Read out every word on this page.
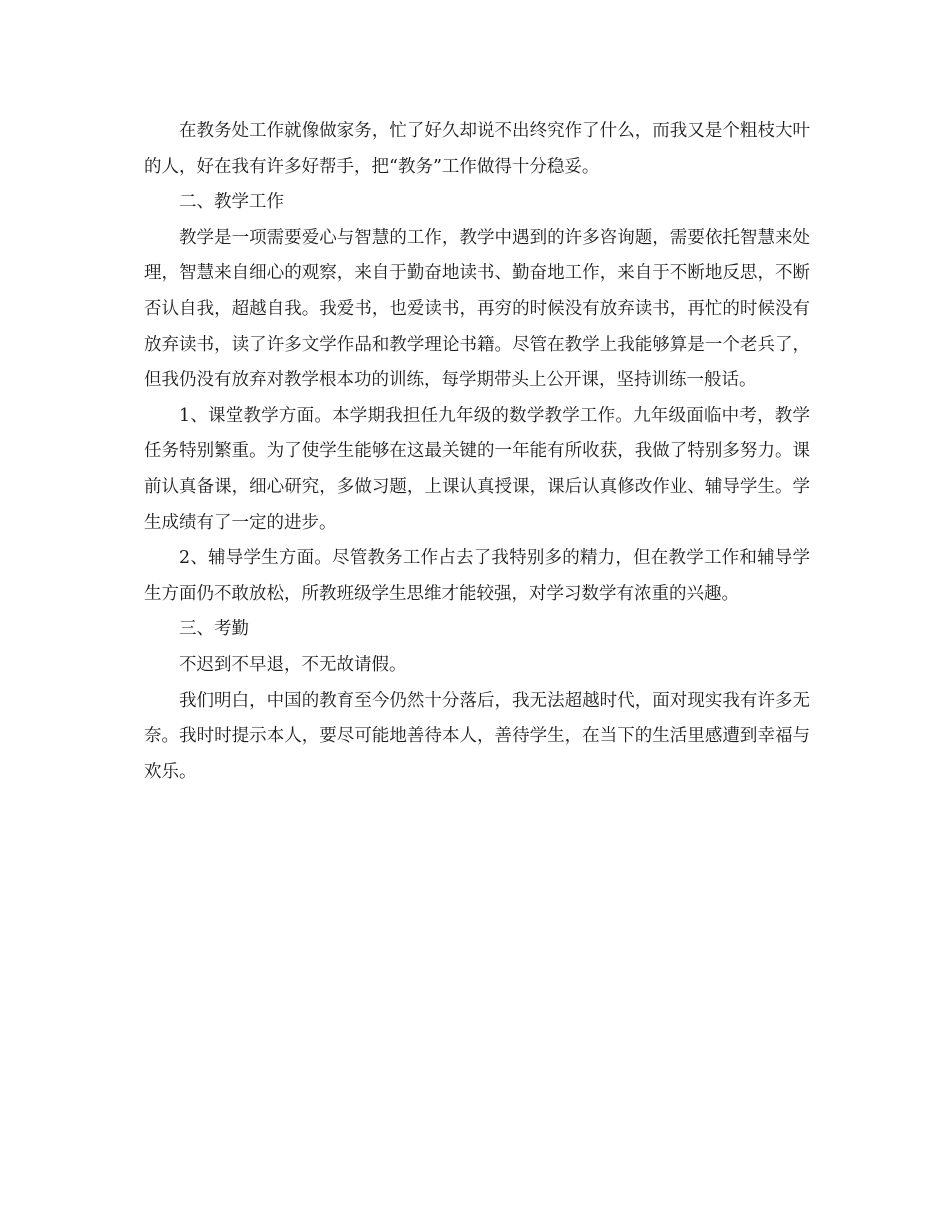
在教务处工作就像做家务，忙了好久却说不出终究作了什么，而我又是个粗枝大叶的人，好在我有许多好帮手，把“教务”工作做得十分稳妥。

二、教学工作

教学是一项需要爱心与智慧的工作，教学中遇到的许多咨询题，需要依托智慧来处理，智慧来自细心的观察，来自于勤奋地读书、勤奋地工作，来自于不断地反思，不断否认自我，超越自我。我爱书，也爱读书，再穷的时候没有放弃读书，再忙的时候没有放弃读书，读了许多文学作品和教学理论书籍。尽管在教学上我能够算是一个老兵了，但我仍没有放弃对教学根本功的训练，每学期带头上公开课，坚持训练一般话。

1、课堂教学方面。本学期我担任九年级的数学教学工作。九年级面临中考，教学任务特别繁重。为了使学生能够在这最关键的一年能有所收获，我做了特别多努力。课前认真备课，细心研究，多做习题，上课认真授课，课后认真修改作业、辅导学生。学生成绩有了一定的进步。

2、辅导学生方面。尽管教务工作占去了我特别多的精力，但在教学工作和辅导学生方面仍不敢放松，所教班级学生思维才能较强，对学习数学有浓重的兴趣。

三、考勤

不迟到不早退，不无故请假。

我们明白，中国的教育至今仍然十分落后，我无法超越时代，面对现实我有许多无奈。我时时提示本人，要尽可能地善待本人，善待学生，在当下的生活里感遭到幸福与欢乐。
